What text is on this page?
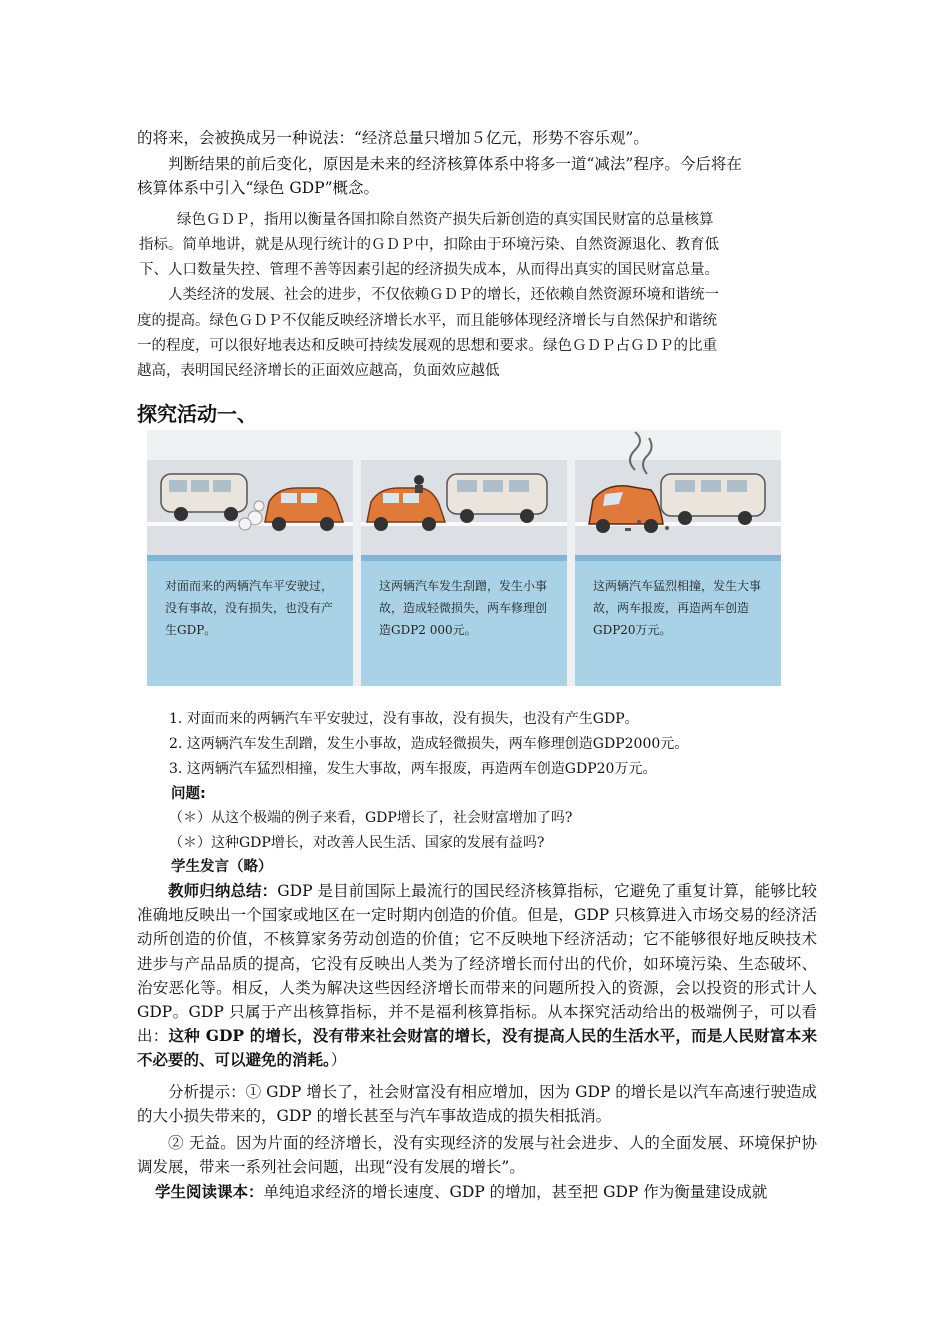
的将来，会被换成另一种说法：“经济总量只增加５亿元，形势不容乐观”。
判断结果的前后变化，原因是未来的经济核算体系中将多一道“减法”程序。今后将在
核算体系中引入“绿色 GDP”概念。
绿色ＧＤＰ，指用以衡量各国扣除自然资产损失后新创造的真实国民财富的总量核算
指标。简单地讲，就是从现行统计的ＧＤＰ中，扣除由于环境污染、自然资源退化、教育低
下、人口数量失控、管理不善等因素引起的经济损失成本，从而得出真实的国民财富总量。
人类经济的发展、社会的进步，不仅依赖ＧＤＰ的增长，还依赖自然资源环境和谐统一
度的提高。绿色ＧＤＰ不仅能反映经济增长水平，而且能够体现经济增长与自然保护和谐统
一的程度，可以很好地表达和反映可持续发展观的思想和要求。绿色ＧＤＰ占ＧＤＰ的比重
越高，表明国民经济增长的正面效应越高，负面效应越低
探究活动一、
对面而来的两辆汽车平安驶过，没有事故，没有损失，也没有产生GDP。
这两辆汽车发生刮蹭，发生小事故，造成轻微损失，两车修理创造GDP2 000元。
这两辆汽车猛烈相撞，发生大事故，两车报废，再造两车创造GDP20万元。
1. 对面而来的两辆汽车平安驶过，没有事故，没有损失，也没有产生GDP。
2. 这两辆汽车发生刮蹭，发生小事故，造成轻微损失，两车修理创造GDP2000元。
3. 这两辆汽车猛烈相撞，发生大事故，两车报废，再造两车创造GDP20万元。
问题:
（＊）从这个极端的例子来看，GDP增长了，社会财富增加了吗?
（＊）这种GDP增长，对改善人民生活、国家的发展有益吗?
学生发言（略）

教师归纳总结：GDP 是目前国际上最流行的国民经济核算指标，它避免了重复计算，能够比较准确地反映出一个国家或地区在一定时期内创造的价值。但是，GDP 只核算进入市场交易的经济活动所创造的价值，不核算家务劳动创造的价值；它不反映地下经济活动；它不能够很好地反映技术进步与产品品质的提高，它没有反映出人类为了经济增长而付出的代价，如环境污染、生态破坏、治安恶化等。相反，人类为解决这些因经济增长而带来的问题所投入的资源，会以投资的形式计人 GDP。GDP 只属于产出核算指标，并不是福利核算指标。从本探究活动给出的极端例子，可以看出：这种 GDP 的增长，没有带来社会财富的增长，没有提高人民的生活水平，而是人民财富本来不必要的、可以避免的消耗。）

分析提示：① GDP 增长了，社会财富没有相应增加，因为 GDP 的增长是以汽车高速行驶造成的大小损失带来的，GDP 的增长甚至与汽车事故造成的损失相抵消。

② 无益。因为片面的经济增长，没有实现经济的发展与社会进步、人的全面发展、环境保护协调发展，带来一系列社会问题，出现“没有发展的增长”。

学生阅读课本：单纯追求经济的增长速度、GDP 的增加，甚至把 GDP 作为衡量建设成就
